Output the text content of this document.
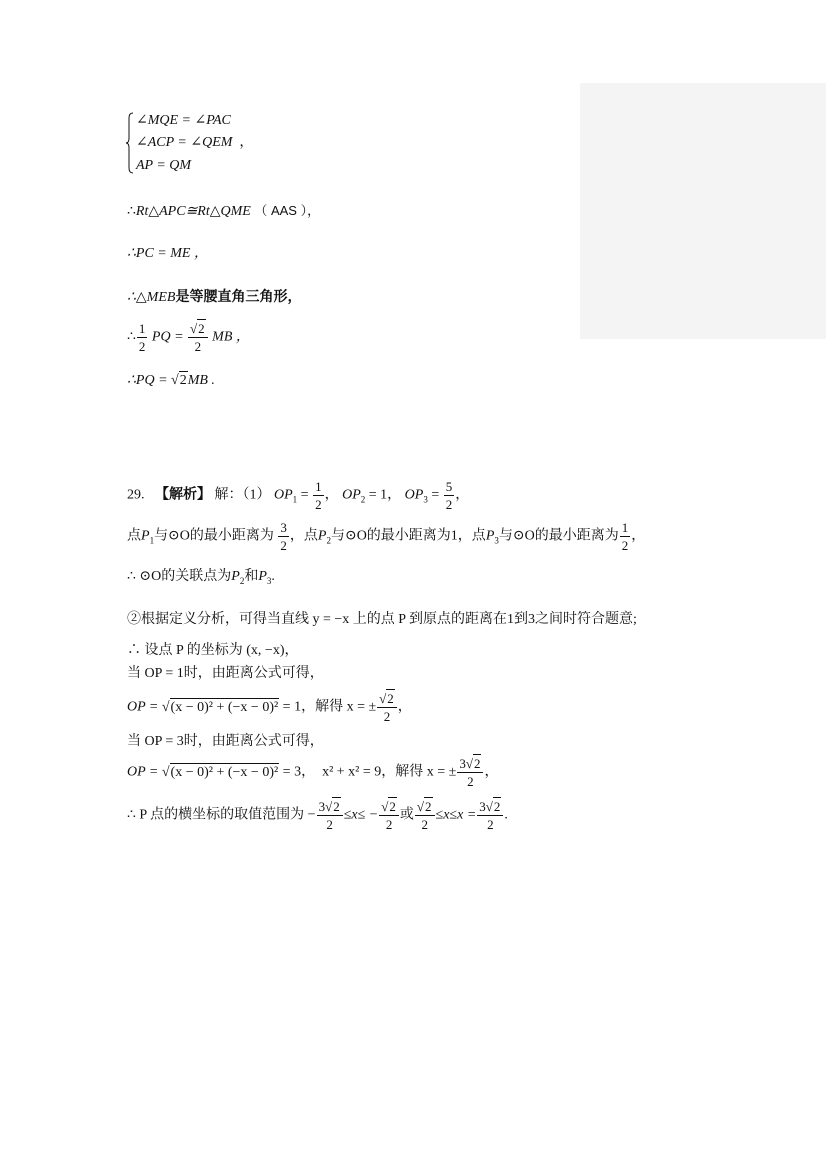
∠MQE = ∠PAC
∠ACP = ∠QEM ，
AP = QM
∴Rt△APC≅Rt△QME （ AAS ），
∴PC = ME ，
∴△MEB是等腰直角三角形，
∴ $\frac{1}{2}$ PQ = $\frac{√2}{2}$ MB ，
∴PQ = √2MB .
29. 【解析】 解：（1） $OP_1 = \frac{1}{2}$ ， $OP_2 = 1$， $OP_3 = \frac{5}{2}$ ，
点$P_1$与⊙O的最小距离为 $\frac{3}{2}$ ，点$P_2$与⊙O的最小距离为1，点$P_3$与⊙O的最小距离为 $\frac{1}{2}$ ，
∴ ⊙O的关联点为$P_2$和$P_3$.
②根据定义分析，可得当直线 y = −x 上的点 P 到原点的距离在1到3之间时符合题意;
∴ 设点 P 的坐标为 (x, −x)，
当 OP = 1时，由距离公式可得，
OP = √(x − 0)² + (−x − 0)² = 1，解得 x = ± $\frac{√2}{2}$ ，
当 OP = 3时，由距离公式可得，
OP = √(x − 0)² + (−x − 0)² = 3， x² + x² = 9，解得 x = ± $\frac{3√2}{2}$ ，
∴ P 点的横坐标的取值范围为 − $\frac{3√2}{2} \le x\le - \frac{√2}{2}$ 或 $\frac{√2}{2} \le x\le x = \frac{3√2}{2}$ .
